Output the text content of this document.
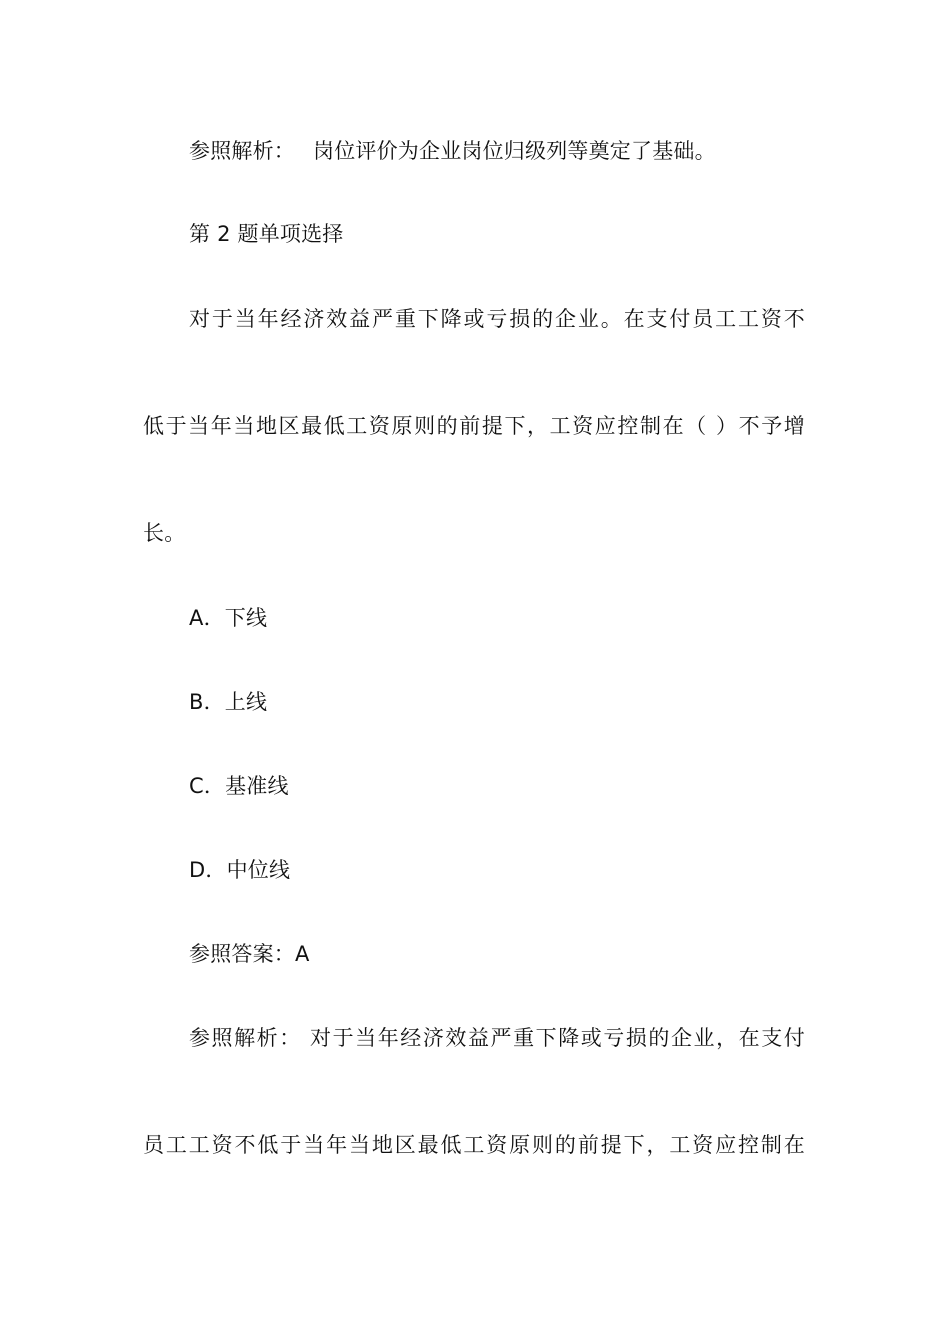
参照解析： 岗位评价为企业岗位归级列等奠定了基础。
第 2 题单项选择
对于当年经济效益严重下降或亏损的企业。在支付员工工资不
低于当年当地区最低工资原则的前提下，工资应控制在（ ）不予增
长。
A．下线
B．上线
C．基准线
D．中位线
参照答案：A
参照解析： 对于当年经济效益严重下降或亏损的企业，在支付
员工工资不低于当年当地区最低工资原则的前提下，工资应控制在
